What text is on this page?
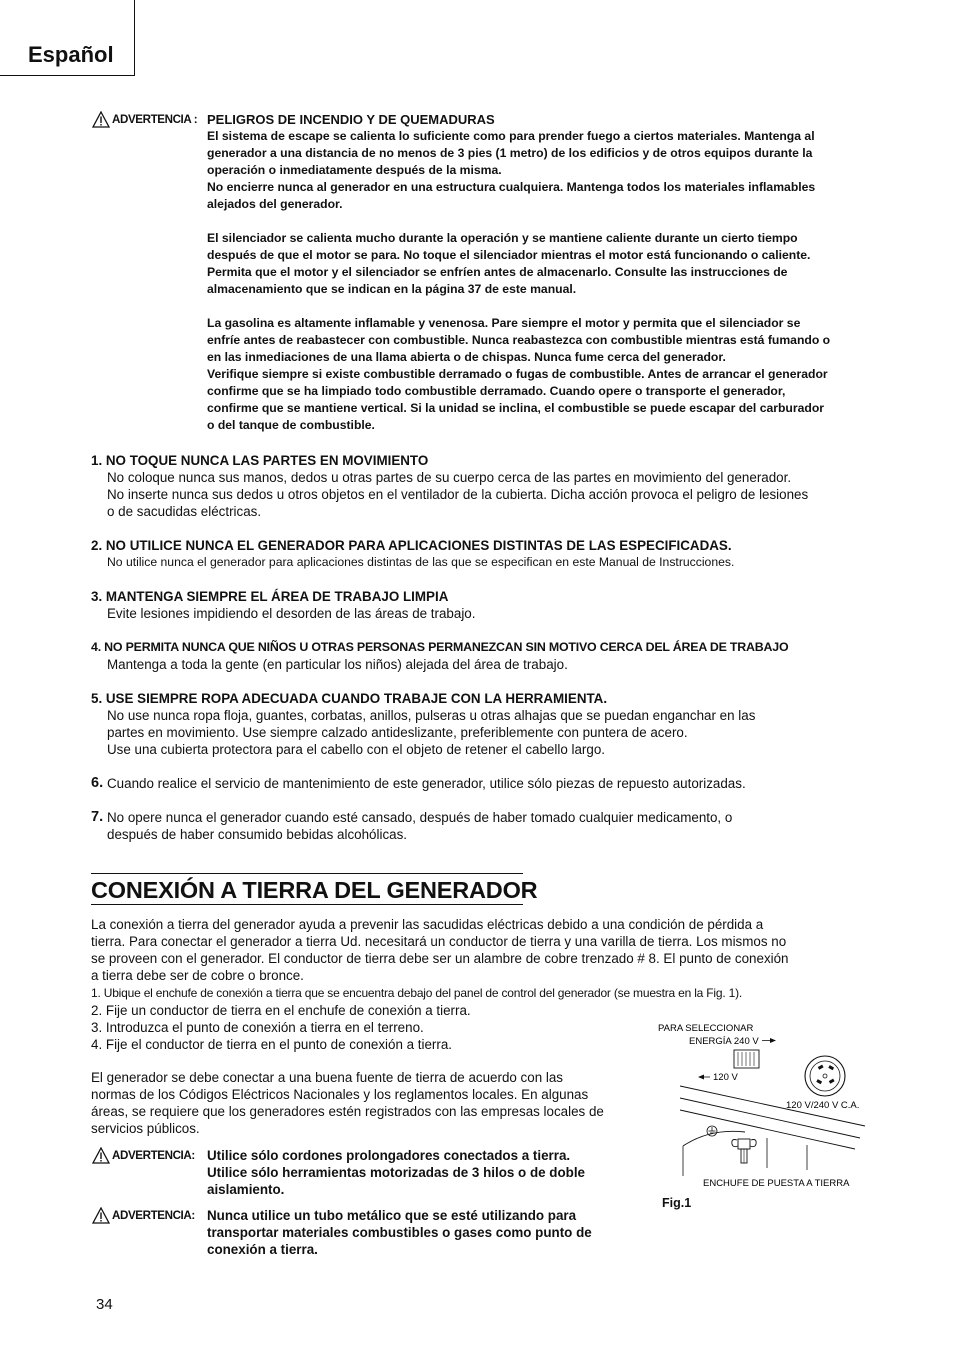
Español
ADVERTENCIA : PELIGROS DE INCENDIO Y DE QUEMADURAS

El sistema de escape se calienta lo suficiente como para prender fuego a ciertos materiales. Mantenga al

generador a una distancia de no menos de 3 pies (1 metro) de los edificios y de otros equipos durante la

operación o inmediatamente después de la misma.

No encierre nunca al generador en una estructura cualquiera. Mantenga todos los materiales inflamables

alejados del generador.

El silenciador se calienta mucho durante la operación y se mantiene caliente durante un cierto tiempo

después de que el motor se para. No toque el silenciador mientras el motor está funcionando o caliente.

Permita que el motor y el silenciador se enfríen antes de almacenarlo. Consulte las instrucciones de

almacenamiento que se indican en la página 37 de este manual.

La gasolina es altamente inflamable y venenosa. Pare siempre el motor y permita que el silenciador se

enfríe antes de reabastecer con combustible. Nunca reabastezca con combustible mientras está fumando o

en las inmediaciones de una llama abierta o de chispas. Nunca fume cerca del generador.

Verifique siempre si existe combustible derramado o fugas de combustible. Antes de arrancar el generador

confirme que se ha limpiado todo combustible derramado. Cuando opere o transporte el generador,

confirme que se mantiene vertical. Si la unidad se inclina, el combustible se puede escapar del carburador

o del tanque de combustible.

1. NO TOQUE NUNCA LAS PARTES EN MOVIMIENTO
No coloque nunca sus manos, dedos u otras partes de su cuerpo cerca de las partes en movimiento del generador.
No inserte nunca sus dedos u otros objetos en el ventilador de la cubierta. Dicha acción provoca el peligro de lesiones
o de sacudidas eléctricas.
2. NO UTILICE NUNCA EL GENERADOR PARA APLICACIONES DISTINTAS DE LAS ESPECIFICADAS.
No utilice nunca el generador para aplicaciones distintas de las que se especifican en este Manual de Instrucciones.
3. MANTENGA SIEMPRE EL ÁREA DE TRABAJO LIMPIA
Evite lesiones impidiendo el desorden de las áreas de trabajo.
4. NO PERMITA NUNCA QUE NIÑOS U OTRAS PERSONAS PERMANEZCAN SIN MOTIVO CERCA DEL ÁREA DE TRABAJO
Mantenga a toda la gente (en particular los niños) alejada del área de trabajo.
5. USE SIEMPRE ROPA ADECUADA CUANDO TRABAJE CON LA HERRAMIENTA.
No use nunca ropa floja, guantes, corbatas, anillos, pulseras u otras alhajas que se puedan enganchar en las
partes en movimiento. Use siempre calzado antideslizante, preferiblemente con puntera de acero.
Use una cubierta protectora para el cabello con el objeto de retener el cabello largo.
6. Cuando realice el servicio de mantenimiento de este generador, utilice sólo piezas de repuesto autorizadas.
7. No opere nunca el generador cuando esté cansado, después de haber tomado cualquier medicamento, o
después de haber consumido bebidas alcohólicas.
CONEXIÓN A TIERRA DEL GENERADOR
La conexión a tierra del generador ayuda a prevenir las sacudidas eléctricas debido a una condición de pérdida a
tierra. Para conectar el generador a tierra Ud. necesitará un conductor de tierra y una varilla de tierra. Los mismos no
se proveen con el generador. El conductor de tierra debe ser un alambre de cobre trenzado # 8. El punto de conexión
a tierra debe ser de cobre o bronce.
1. Ubique el enchufe de conexión a tierra que se encuentra debajo del panel de control del generador (se muestra en la Fig. 1).
2. Fije un conductor de tierra en el enchufe de conexión a tierra.
3. Introduzca el punto de conexión a tierra en el terreno.
4. Fije el conductor de tierra en el punto de conexión a tierra.
El generador se debe conectar a una buena fuente de tierra de acuerdo con las
normas de los Códigos Eléctricos Nacionales y los reglamentos locales. En algunas
áreas, se requiere que los generadores estén registrados con las empresas locales de
servicios públicos.
ADVERTENCIA: Utilice sólo cordones prolongadores conectados a tierra.

Utilice sólo herramientas motorizadas de 3 hilos o de doble

aislamiento.

ADVERTENCIA: Nunca utilice un tubo metálico que se esté utilizando para

transportar materiales combustibles o gases como punto de

conexión a tierra.

PARA SELECCIONAR
ENERGÍA 240 V
120 V
120 V/240 V C.A.
ENCHUFE DE PUESTA A TIERRA
Fig.1
34
